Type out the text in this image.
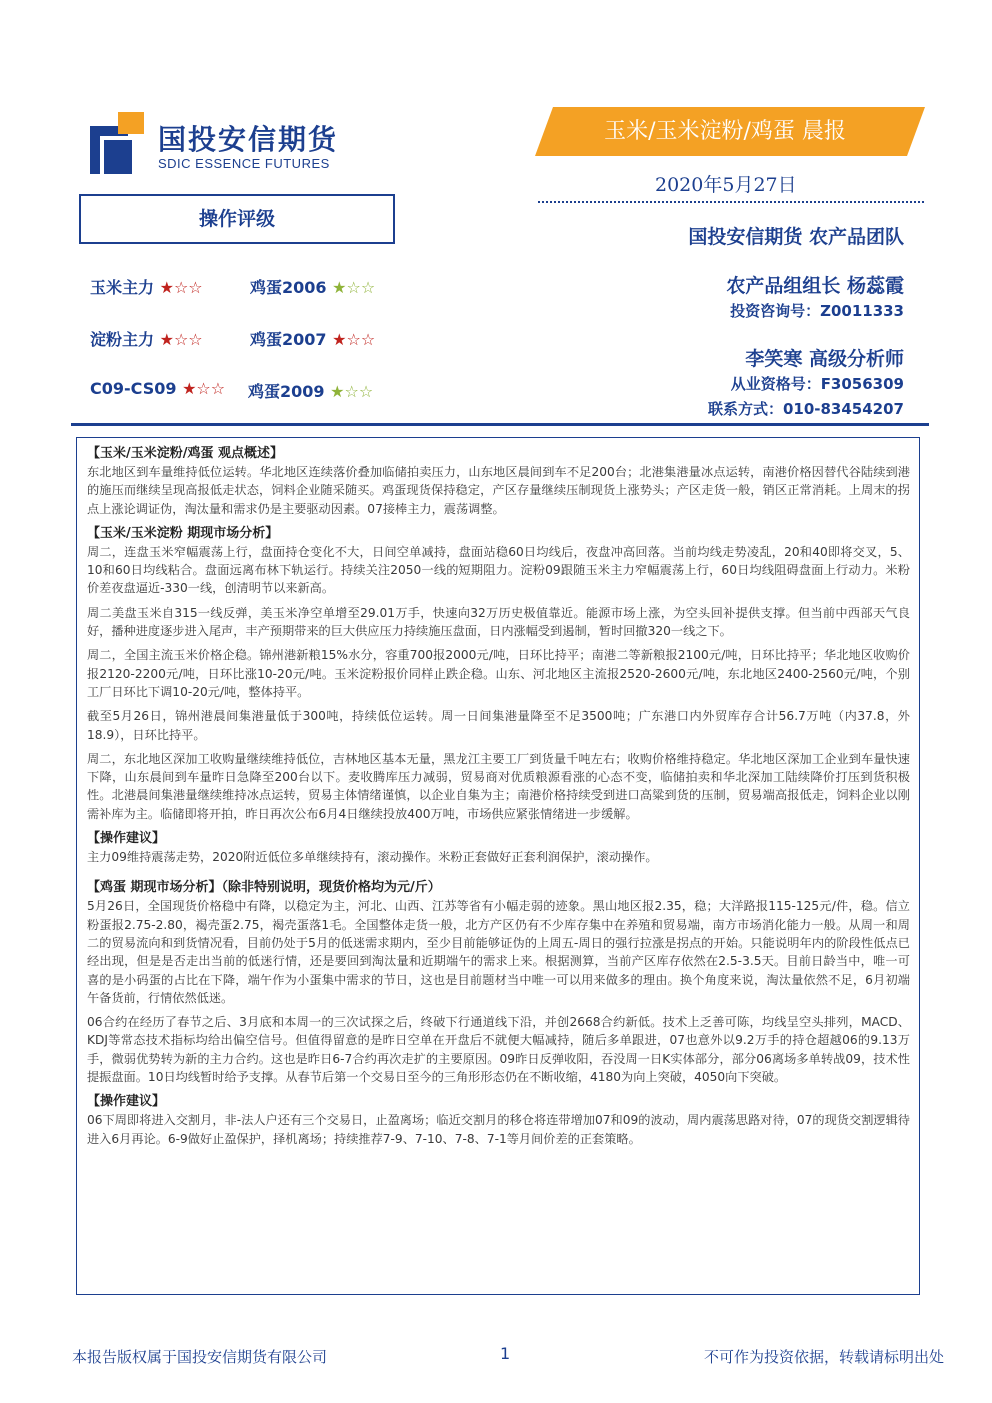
国投安信期货
SDIC ESSENCE FUTURES
玉米/玉米淀粉/鸡蛋 晨报
2020年5月27日
国投安信期货 农产品团队
农产品组组长 杨蕊霞
投资咨询号：Z0011333
李笑寒 高级分析师
从业资格号：F3056309
联系方式：010-83454207
操作评级
玉米主力 ★☆☆	鸡蛋2006 ★☆☆
淀粉主力 ★☆☆	鸡蛋2007 ★☆☆
C09-CS09 ★☆☆ 鸡蛋2009 ★☆☆

【玉米/玉米淀粉/鸡蛋 观点概述】

东北地区到车量维持低位运转。华北地区连续落价叠加临储拍卖压力，山东地区晨间到车不足200台；北港集港量冰点运转，南港价格因替代谷陆续到港的施压而继续呈现高报低走状态，饲料企业随采随买。鸡蛋现货保持稳定，产区存量继续压制现货上涨势头；产区走货一般，销区正常消耗。上周末的拐点上涨论调证伪，淘汰量和需求仍是主要驱动因素。07接棒主力，震荡调整。

【玉米/玉米淀粉 期现市场分析】

周二，连盘玉米窄幅震荡上行，盘面持仓变化不大，日间空单减持，盘面站稳60日均线后，夜盘冲高回落。当前均线走势凌乱，20和40即将交叉，5、10和60日均线粘合。盘面远离布林下轨运行。持续关注2050一线的短期阻力。淀粉09跟随玉米主力窄幅震荡上行，60日均线阻碍盘面上行动力。米粉价差夜盘逼近-330一线，创清明节以来新高。

周二美盘玉米自315一线反弹，美玉米净空单增至29.01万手，快速向32万历史极值靠近。能源市场上涨，为空头回补提供支撑。但当前中西部天气良好，播种进度逐步进入尾声，丰产预期带来的巨大供应压力持续施压盘面，日内涨幅受到遏制，暂时回撤320一线之下。

周二，全国主流玉米价格企稳。锦州港新粮15%水分，容重700报2000元/吨，日环比持平；南港二等新粮报2100元/吨，日环比持平；华北地区收购价报2120-2200元/吨，日环比涨10-20元/吨。玉米淀粉报价同样止跌企稳。山东、河北地区主流报2520-2600元/吨，东北地区2400-2560元/吨，个别工厂日环比下调10-20元/吨，整体持平。

截至5月26日，锦州港晨间集港量低于300吨，持续低位运转。周一日间集港量降至不足3500吨；广东港口内外贸库存合计56.7万吨（内37.8，外18.9），日环比持平。

周二，东北地区深加工收购量继续维持低位，吉林地区基本无量，黑龙江主要工厂到货量千吨左右；收购价格维持稳定。华北地区深加工企业到车量快速下降，山东晨间到车量昨日急降至200台以下。麦收腾库压力减弱，贸易商对优质粮源看涨的心态不变，临储拍卖和华北深加工陆续降价打压到货积极性。北港晨间集港量继续维持冰点运转，贸易主体情绪谨慎，以企业自集为主；南港价格持续受到进口高粱到货的压制，贸易端高报低走，饲料企业以刚需补库为主。临储即将开拍，昨日再次公布6月4日继续投放400万吨，市场供应紧张情绪进一步缓解。

【操作建议】

主力09维持震荡走势，2020附近低位多单继续持有，滚动操作。米粉正套做好正套利润保护，滚动操作。

【鸡蛋 期现市场分析】（除非特别说明，现货价格均为元/斤）

5月26日，全国现货价格稳中有降，以稳定为主，河北、山西、江苏等省有小幅走弱的迹象。黑山地区报2.35，稳；大洋路报115-125元/件，稳。信立粉蛋报2.75-2.80，褐壳蛋2.75，褐壳蛋落1毛。全国整体走货一般，北方产区仍有不少库存集中在养殖和贸易端，南方市场消化能力一般。从周一和周二的贸易流向和到货情况看，目前仍处于5月的低迷需求期内，至少目前能够证伪的上周五-周日的强行拉涨是拐点的开始。只能说明年内的阶段性低点已经出现，但是是否走出当前的低迷行情，还是要回到淘汰量和近期端午的需求上来。根据测算，当前产区库存依然在2.5-3.5天。目前日龄当中，唯一可喜的是小码蛋的占比在下降，端午作为小蛋集中需求的节日，这也是目前题材当中唯一可以用来做多的理由。换个角度来说，淘汰量依然不足，6月初端午备货前，行情依然低迷。

06合约在经历了春节之后、3月底和本周一的三次试探之后，终破下行通道线下沿，并创2668合约新低。技术上乏善可陈，均线呈空头排列，MACD、KDJ等常态技术指标均给出偏空信号。但值得留意的是昨日空单在开盘后不就便大幅减持，随后多单跟进，07也意外以9.2万手的持仓超越06的9.13万手，微弱优势转为新的主力合约。这也是昨日6-7合约再次走扩的主要原因。09昨日反弹收阳，吞没周一日K实体部分，部分06离场多单转战09，技术性提振盘面。10日均线暂时给予支撑。从春节后第一个交易日至今的三角形形态仍在不断收缩，4180为向上突破，4050向下突破。

【操作建议】

06下周即将进入交割月，非-法人户还有三个交易日，止盈离场；临近交割月的移仓将连带增加07和09的波动，周内震荡思路对待，07的现货交割逻辑待进入6月再论。6-9做好止盈保护，择机离场；持续推荐7-9、7-10、7-8、7-1等月间价差的正套策略。

本报告版权属于国投安信期货有限公司	1	不可作为投资依据，转载请标明出处
